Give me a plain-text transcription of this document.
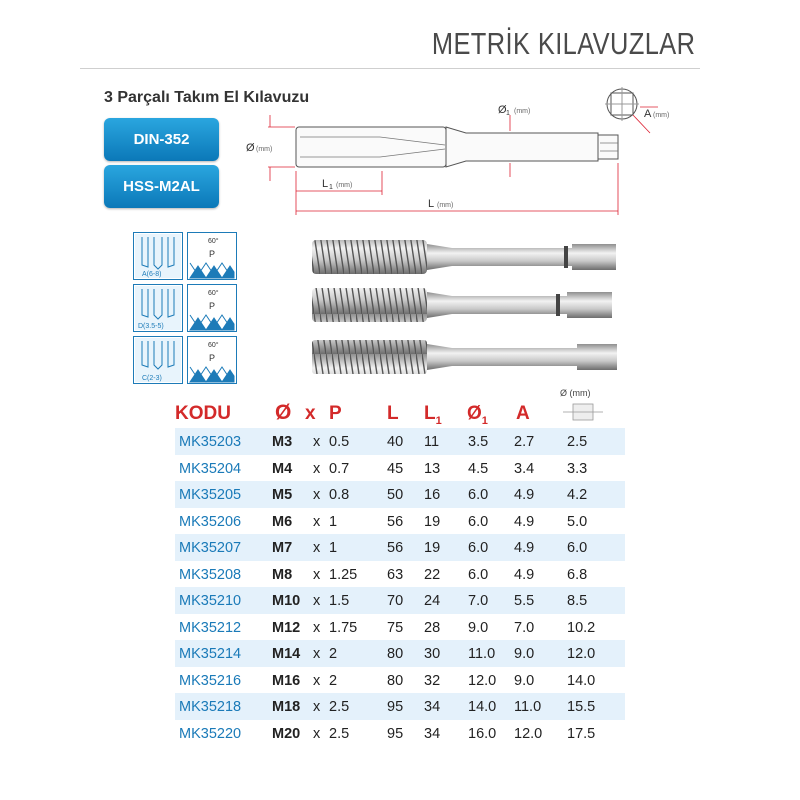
METRİK KILAVUZLAR
3 Parçalı Takım El Kılavuzu
DIN-352
HSS-M2AL
Ø (mm)
L 1 (mm)
L (mm)
Ø 1 (mm)	A (mm)
A(6-8)
60°
P
D(3.5-5)
60°
P
C(2-3)
60°
P
KODU Ø x P L $L_1$ $Ø_1$ A
Ø (mm)
MK35203 M3 x 0.5	40 11 3.5 2.7 2.5
MK35204 M4 x 0.7	45 13 4.5 3.4 3.3
MK35205 M5 x 0.8	50 16 6.0 4.9 4.2
MK35206 M6 x 1	56 19 6.0 4.9 5.0
MK35207 M7 x 1	56 19 6.0 4.9 6.0
MK35208 M8 x 1.25 63 22 6.0 4.9 6.8
MK35210 M10 x 1.5	70 24 7.0 5.5 8.5
MK35212 M12 x 1.75 75 28 9.0 7.0 10.2
MK35214 M14 x 2	80 30 11.0 9.0 12.0
MK35216 M16 x 2	80 32 12.0 9.0 14.0
MK35218 M18 x 2.5	95 34 14.0 11.0 15.5
MK35220 M20 x 2.5	95 34 16.0 12.0 17.5
